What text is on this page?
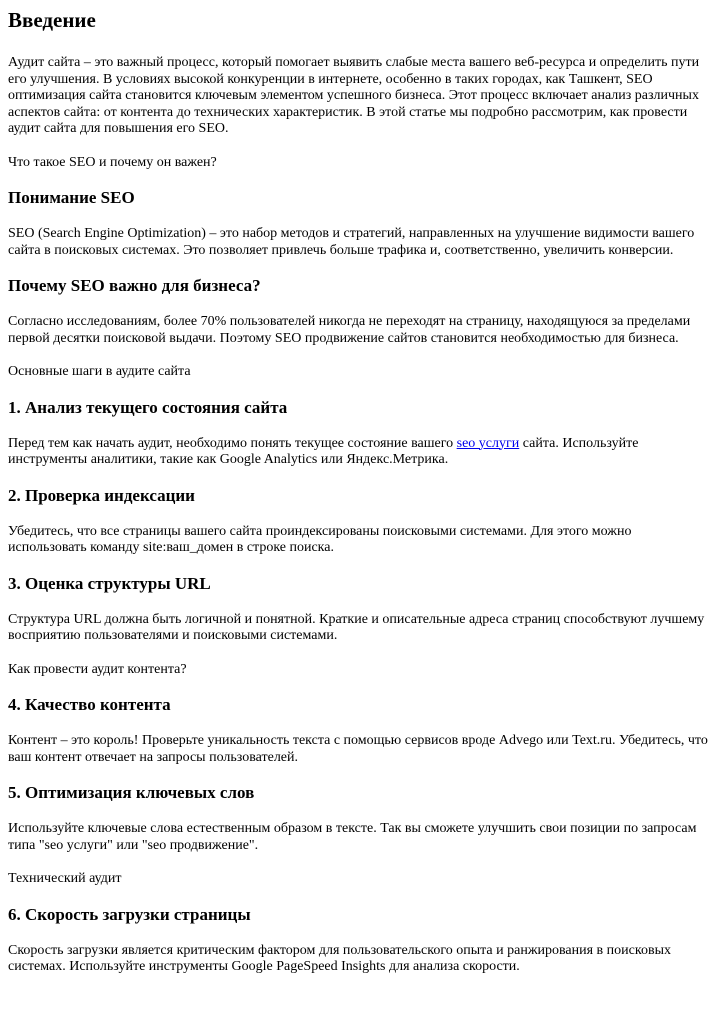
Введение

Аудит сайта – это важный процесс, который помогает выявить слабые места вашего веб-ресурса и определить пути его улучшения. В условиях высокой конкуренции в интернете, особенно в таких городах, как Ташкент, SEO оптимизация сайта становится ключевым элементом успешного бизнеса. Этот процесс включает анализ различных аспектов сайта: от контента до технических характеристик. В этой статье мы подробно рассмотрим, как провести аудит сайта для повышения его SEO.

Что такое SEO и почему он важен?

Понимание SEO

SEO (Search Engine Optimization) – это набор методов и стратегий, направленных на улучшение видимости вашего сайта в поисковых системах. Это позволяет привлечь больше трафика и, соответственно, увеличить конверсии.

Почему SEO важно для бизнеса?

Согласно исследованиям, более 70% пользователей никогда не переходят на страницу, находящуюся за пределами первой десятки поисковой выдачи. Поэтому SEO продвижение сайтов становится необходимостью для бизнеса.

Основные шаги в аудите сайта

1. Анализ текущего состояния сайта

Перед тем как начать аудит, необходимо понять текущее состояние вашего seo услуги сайта. Используйте инструменты аналитики, такие как Google Analytics или Яндекс.Метрика.

2. Проверка индексации

Убедитесь, что все страницы вашего сайта проиндексированы поисковыми системами. Для этого можно использовать команду site:ваш_домен в строке поиска.

3. Оценка структуры URL

Структура URL должна быть логичной и понятной. Краткие и описательные адреса страниц способствуют лучшему восприятию пользователями и поисковыми системами.

Как провести аудит контента?

4. Качество контента

Контент – это король! Проверьте уникальность текста с помощью сервисов вроде Advego или Text.ru. Убедитесь, что ваш контент отвечает на запросы пользователей.

5. Оптимизация ключевых слов

Используйте ключевые слова естественным образом в тексте. Так вы сможете улучшить свои позиции по запросам типа "seo услуги" или "seo продвижение".

Технический аудит

6. Скорость загрузки страницы

Скорость загрузки является критическим фактором для пользовательского опыта и ранжирования в поисковых системах. Используйте инструменты Google PageSpeed Insights для анализа скорости.
